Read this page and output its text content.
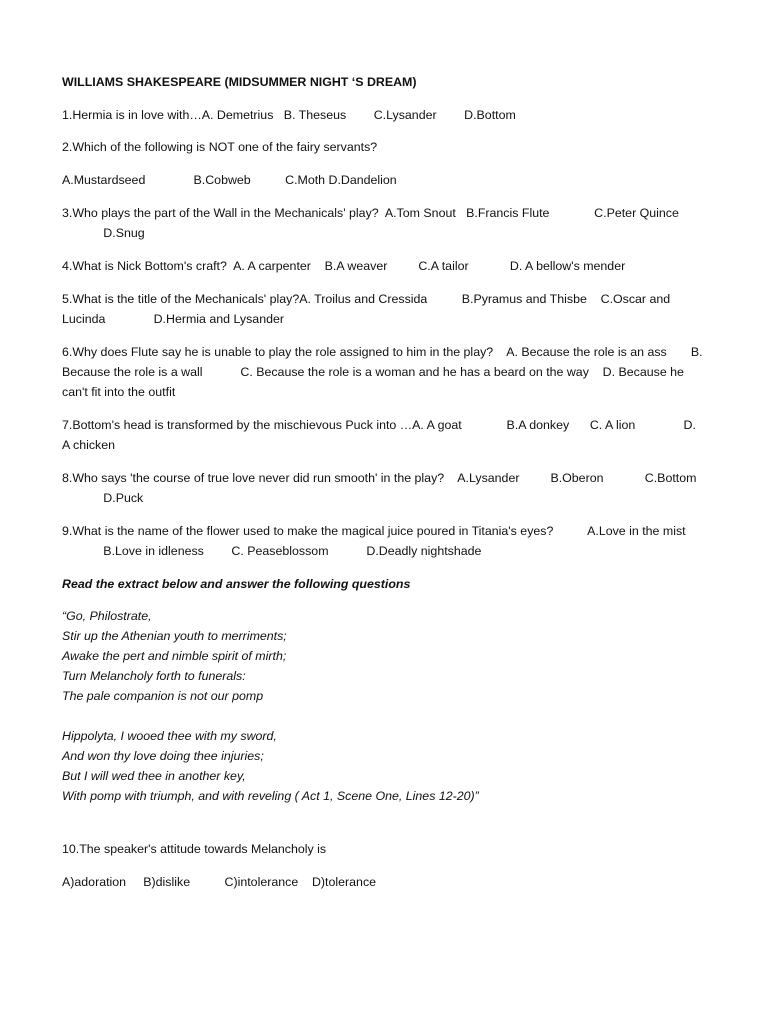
WILLIAMS SHAKESPEARE (MIDSUMMER NIGHT ‘S DREAM)
1.Hermia is in love with…A. Demetrius   B. Theseus        C.Lysander        D.Bottom
2.Which of the following is NOT one of the fairy servants?
A.Mustardseed              B.Cobweb          C.Moth D.Dandelion
3.Who plays the part of the Wall in the Mechanicals' play?  A.Tom Snout   B.Francis Flute             C.Peter Quince
D.Snug
4.What is Nick Bottom's craft?  A. A carpenter    B.A weaver         C.A tailor            D. A bellow's mender
5.What is the title of the Mechanicals' play?A. Troilus and Cressida          B.Pyramus and Thisbe    C.Oscar and
Lucinda              D.Hermia and Lysander
6.Why does Flute say he is unable to play the role assigned to him in the play?    A. Because the role is an ass       B.
Because the role is a wall           C. Because the role is a woman and he has a beard on the way    D. Because he
can't fit into the outfit
7.Bottom's head is transformed by the mischievous Puck into …A. A goat             B.A donkey      C. A lion              D.
A chicken
8.Who says 'the course of true love never did run smooth' in the play?    A.Lysander         B.Oberon            C.Bottom
D.Puck
9.What is the name of the flower used to make the magical juice poured in Titania's eyes?          A.Love in the mist
B.Love in idleness        C. Peaseblossom           D.Deadly nightshade
Read the extract below and answer the following questions
“Go, Philostrate,
Stir up the Athenian youth to merriments;
Awake the pert and nimble spirit of mirth;
Turn Melancholy forth to funerals:
The pale companion is not our pomp
Hippolyta, I wooed thee with my sword,
And won thy love doing thee injuries;
But I will wed thee in another key,
With pomp with triumph, and with reveling ( Act 1, Scene One, Lines 12-20)”
10.The speaker's attitude towards Melancholy is
A)adoration     B)dislike          C)intolerance    D)tolerance
